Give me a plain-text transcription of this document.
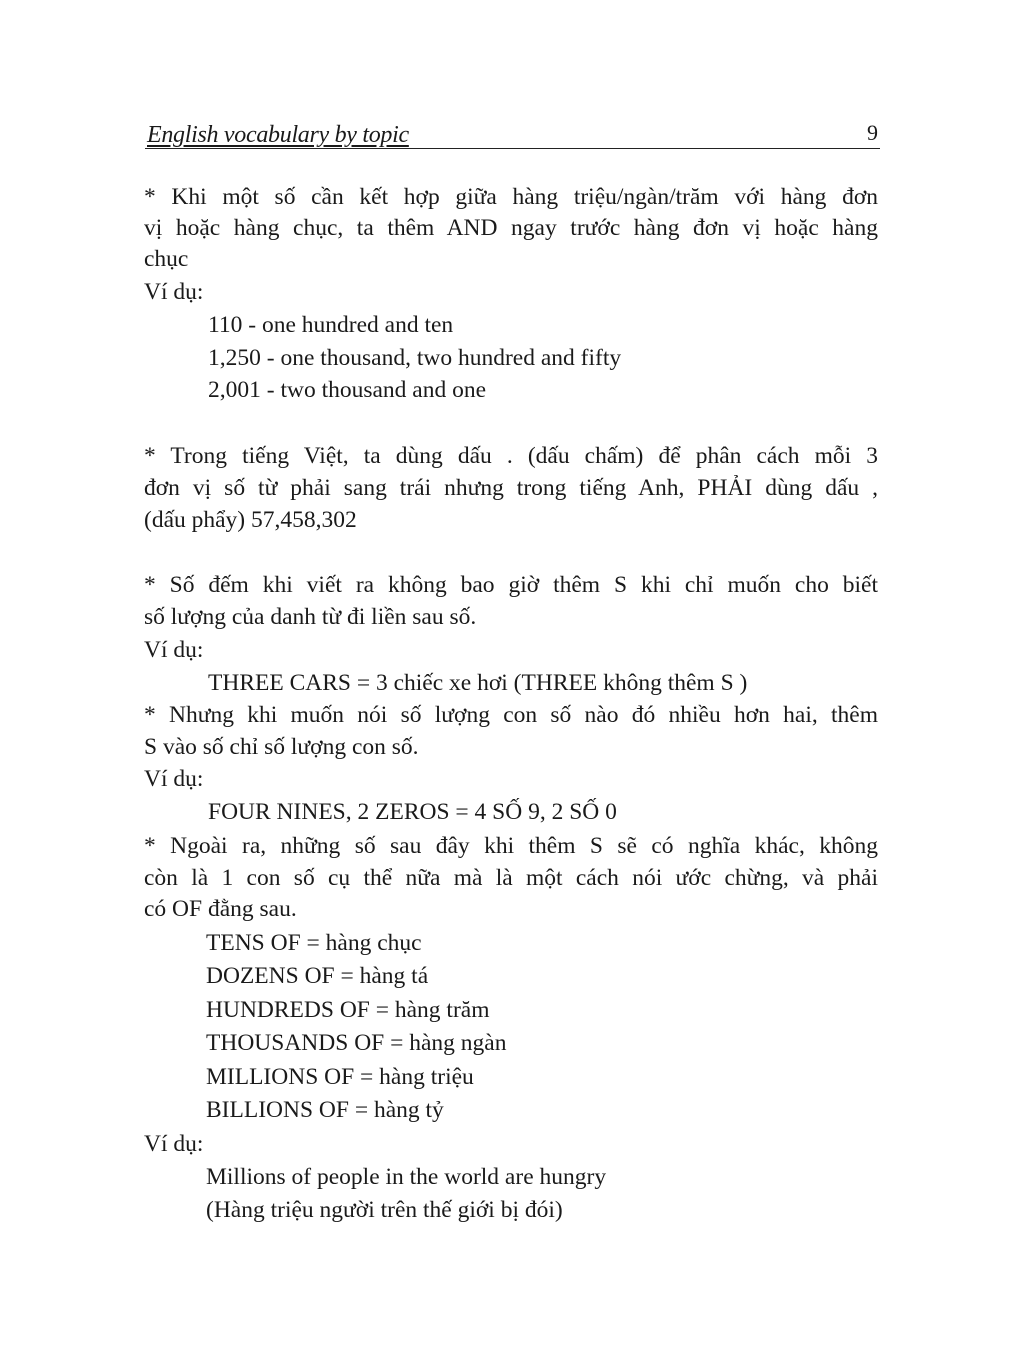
English vocabulary by topic	9
* Khi một số cần kết hợp giữa hàng triệu/ngàn/trăm với hàng đơn
vị hoặc hàng chục, ta thêm AND ngay trước hàng đơn vị hoặc hàng
chục
Ví dụ:
110 - one hundred and ten
1,250 - one thousand, two hundred and fifty
2,001 - two thousand and one
* Trong tiếng Việt, ta dùng dấu . (dấu chấm) để phân cách mỗi 3
đơn vị số từ phải sang trái nhưng trong tiếng Anh, PHẢI dùng dấu ,
(dấu phẩy) 57,458,302
* Số đếm khi viết ra không bao giờ thêm S khi chỉ muốn cho biết
số lượng của danh từ đi liền sau số.
Ví dụ:
THREE CARS = 3 chiếc xe hơi (THREE không thêm S )
* Nhưng khi muốn nói số lượng con số nào đó nhiều hơn hai, thêm
S vào số chỉ số lượng con số.
Ví dụ:
FOUR NINES, 2 ZEROS = 4 SỐ 9, 2 SỐ 0
* Ngoài ra, những số sau đây khi thêm S sẽ có nghĩa khác, không
còn là 1 con số cụ thể nữa mà là một cách nói ước chừng, và phải
có OF đằng sau.
TENS OF = hàng chục
DOZENS OF = hàng tá
HUNDREDS OF = hàng trăm
THOUSANDS OF = hàng ngàn
MILLIONS OF = hàng triệu
BILLIONS OF = hàng tỷ
Ví dụ:
Millions of people in the world are hungry
(Hàng triệu người trên thế giới bị đói)
